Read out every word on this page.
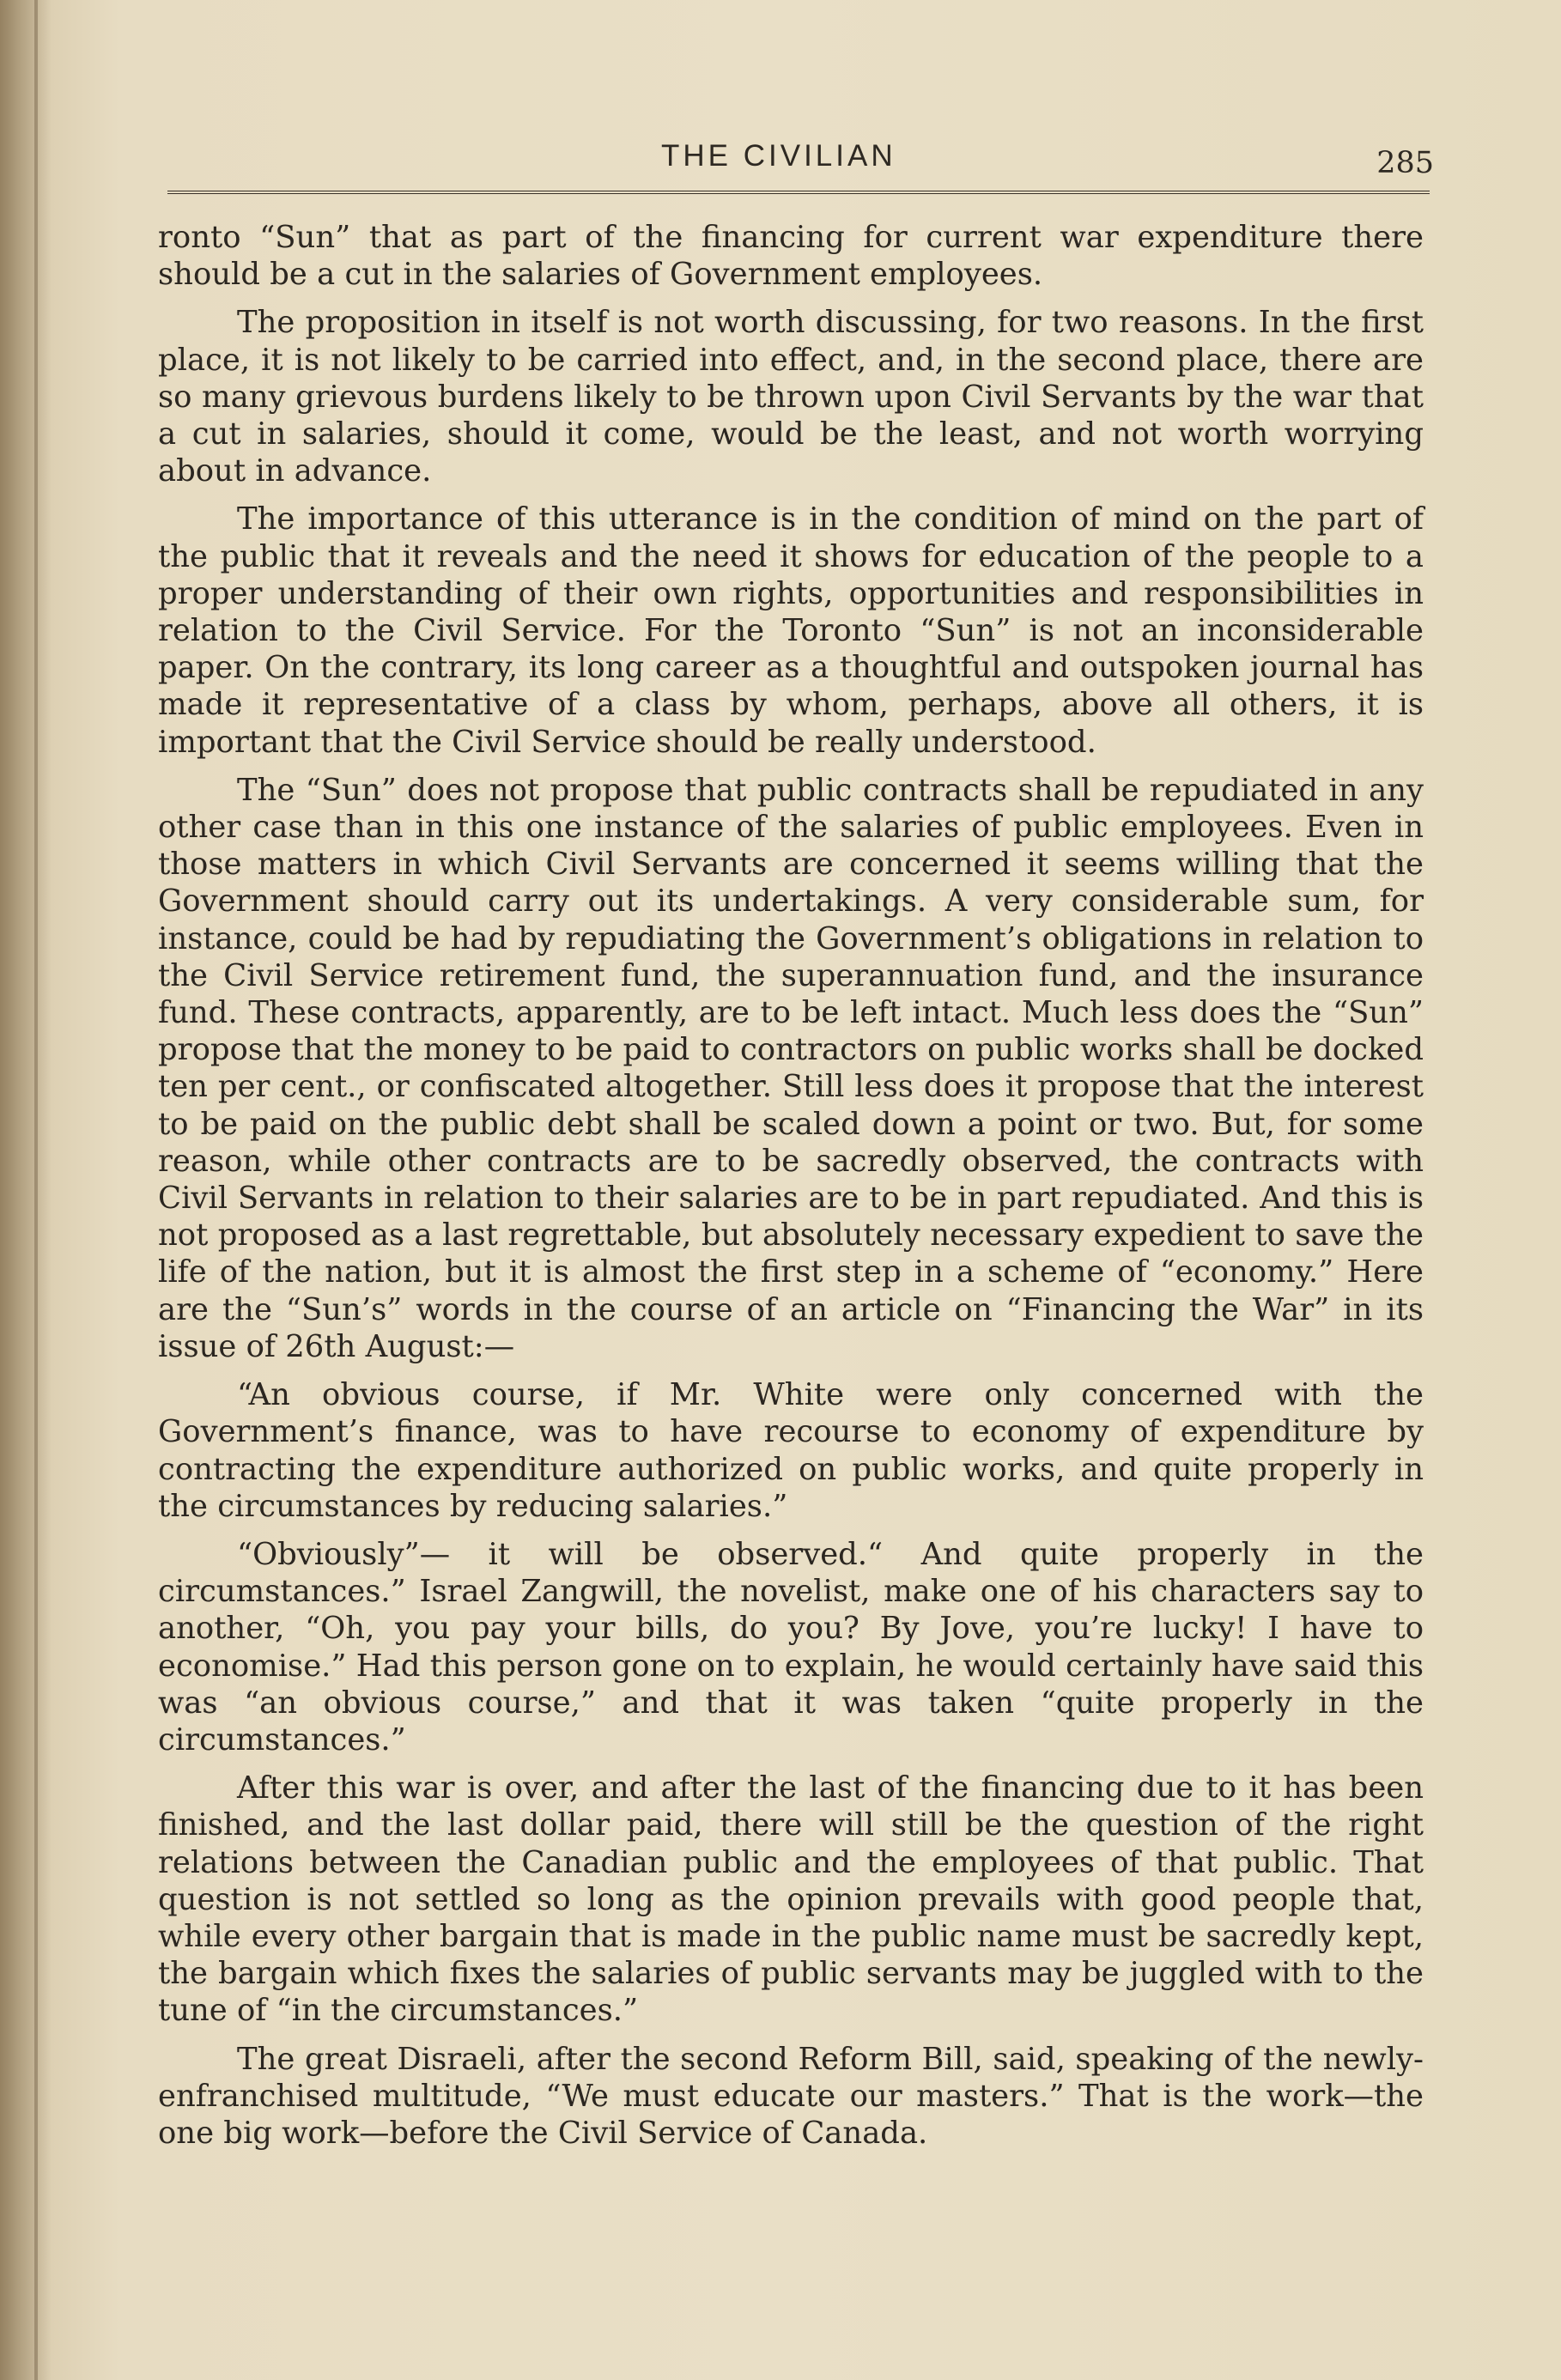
THE CIVILIAN	285

ronto “Sun” that as part of the financing for current war expenditure there should be a cut in the salaries of Government employees.

The proposition in itself is not worth discussing, for two reasons. In the first place, it is not likely to be carried into effect, and, in the second place, there are so many grievous burdens likely to be thrown upon Civil Servants by the war that a cut in salaries, should it come, would be the least, and not worth worrying about in advance.

The importance of this utterance is in the condition of mind on the part of the public that it reveals and the need it shows for education of the people to a proper understanding of their own rights, opportunities and responsibilities in relation to the Civil Service. For the Toronto “Sun” is not an inconsiderable paper. On the contrary, its long career as a thoughtful and outspoken journal has made it representative of a class by whom, perhaps, above all others, it is important that the Civil Service should be really understood.

The “Sun” does not propose that public contracts shall be repudiated in any other case than in this one instance of the salaries of public employees. Even in those matters in which Civil Servants are concerned it seems willing that the Government should carry out its undertakings. A very considerable sum, for instance, could be had by repudiating the Government’s obligations in relation to the Civil Service retirement fund, the superannuation fund, and the insurance fund. These contracts, apparently, are to be left intact. Much less does the “Sun” propose that the money to be paid to contractors on public works shall be docked ten per cent., or confiscated altogether. Still less does it propose that the interest to be paid on the public debt shall be scaled down a point or two. But, for some reason, while other contracts are to be sacredly observed, the contracts with Civil Servants in relation to their salaries are to be in part repudiated. And this is not proposed as a last regrettable, but absolutely necessary expedient to save the life of the nation, but it is almost the first step in a scheme of “economy.” Here are the “Sun’s” words in the course of an article on “Financing the War” in its issue of 26th August:—

“An obvious course, if Mr. White were only concerned with the Government’s finance, was to have recourse to economy of expenditure by contracting the expenditure authorized on public works, and quite properly in the circumstances by reducing salaries.”

“Obviously”— it will be observed.“ And quite properly in the circumstances.” Israel Zangwill, the novelist, make one of his characters say to another, “Oh, you pay your bills, do you? By Jove, you’re lucky! I have to economise.” Had this person gone on to explain, he would certainly have said this was “an obvious course,” and that it was taken “quite properly in the circumstances.”

After this war is over, and after the last of the financing due to it has been finished, and the last dollar paid, there will still be the question of the right relations between the Canadian public and the employees of that public. That question is not settled so long as the opinion prevails with good people that, while every other bargain that is made in the public name must be sacredly kept, the bargain which fixes the salaries of public servants may be juggled with to the tune of “in the circumstances.”

The great Disraeli, after the second Reform Bill, said, speaking of the newly-enfranchised multitude, “We must educate our masters.” That is the work—the one big work—before the Civil Service of Canada.
